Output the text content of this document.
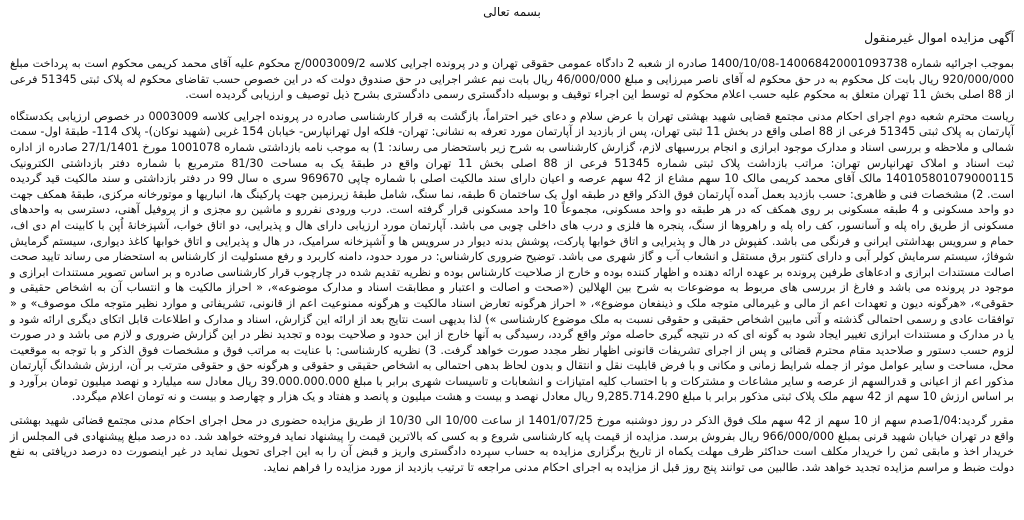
بسمه تعالی
آگهی مزایده اموال غیرمنقول

بموجب اجرائیه شماره 140068420001093738-1400/10/08 صادره از شعبه 2 دادگاه عمومی حقوقی تهران و در پرونده اجرایی کلاسه 0003009/2/ج محکوم علیه آقای محمد کریمی محکوم است به پرداخت مبلغ 920/000/000 ریال بابت کل محکوم به در حق محکوم له آقای ناصر میرزایی و مبلغ 46/000/000 ریال بابت نیم عشر اجرایی در حق صندوق دولت که در این خصوص حسب تقاضای محکوم له پلاک ثبتی 51345 فرعی از 88 اصلی بخش 11 تهران متعلق به محکوم علیه حسب اعلام محکوم له توسط این اجراء توقیف و بوسیله دادگستری رسمی دادگستری بشرح ذیل توصیف و ارزیابی گردیده است.

ریاست محترم شعبه دوم اجرای احکام مدنی مجتمع قضایی شهید بهشتی تهران با عرض سلام و دعای خیر احتراماً، بازگشت به قرار کارشناسی صادره در پرونده اجرایی کلاسه 0003009 در خصوص ارزیابی یکدستگاه آپارتمان به پلاک ثبتی 51345 فرعی از 88 اصلی واقع در بخش 11 ثبتی تهران، پس از بازدید از آپارتمان مورد تعرفه به نشانی: تهران- فلکه اول تهرانپارس- خیابان 154 غربی (شهید نوکان)- پلاک 114- طبقهٔ اول- سمت شمالی و ملاحظه و بررسی اسناد و مدارک موجود ابرازی و انجام بررسیهای لازم، گزارش کارشناسی به شرح زیر باستحضار می رساند: 1) به موجب نامه بازداشتی شماره 1001078 مورخ 27/1/1401 صادره از اداره ثبت اسناد و املاک تهرانپارس تهران: مراتب بازداشت پلاک ثبتی شماره 51345 فرعی از 88 اصلی بخش 11 تهران واقع در طبقهٔ یک به مساحت 81/30 مترمربع با شماره دفتر بازداشتی الکترونیک 140105801079000115 مالک آقای محمد کریمی مالک 10 سهم مشاع از 42 سهم عرصه و اعیان دارای سند مالکیت اصلی با شماره چاپی 969670 سری ه سال 99 در دفتر بازداشتی و سند مالکیت قید گردیده است. 2) مشخصات فنی و ظاهری: حسب بازدید بعمل آمده آپارتمان فوق الذکر واقع در طبقه اول یک ساختمان 6 طبقه، نما سنگ، شامل طبقهٔ زیرزمین جهت پارکینگ ها، انباریها و موتورخانه مرکزی، طبقهٔ همکف جهت دو واحد مسکونی و 4 طبقه مسکونی بر روی همکف که در هر طبقه دو واحد مسکونی، مجموعاً 10 واحد مسکونی قرار گرفته است. درب ورودی نفررو و ماشین رو مجزی و از پروفیل آهنی، دسترسی به واحدهای مسکونی از طریق راه پله و آسانسور، کف راه پله و راهروها از سنگ، پنجره ها فلزی و درب های داخلی چوبی می باشد. آپارتمان مورد ارزیابی دارای هال و پذیرایی، دو اتاق خواب، آشپزخانهٔ اُپن با کابینت ام دی اف، حمام و سرویس بهداشتی ایرانی و فرنگی می باشد. کفپوش در هال و پذیرایی و اتاق خوابها پارکت، پوشش بدنه دیوار در سرویس ها و آشپزخانه سرامیک، در هال و پذیرایی و اتاق خوابها کاغذ دیواری، سیستم گرمایش شوفاژ، سیستم سرمایش کولر آبی و دارای کنتور برق مستقل و انشعاب آب و گاز شهری می باشد. توضیح ضروری کارشناس: در مورد حدود، دامنه کاربرد و رفع مسئولیت از کارشناس به استحضار می رساند تایید صحت اصالت مستندات ابرازی و ادعاهای طرفین پرونده بر عهده ارائه دهنده و اظهار کننده بوده و خارج از صلاحیت کارشناس بوده و نظریه تقدیم شده در چارچوب قرار کارشناسی صادره و بر اساس تصویر مستندات ابرازی و موجود در پرونده می باشد و فارغ از بررسی های مربوط به موضوعات به شرح بین الهلالین («صحت و اصالت و اعتبار و مطابقت اسناد و مدارک موضوعه»، « احراز مالکیت ها و انتساب آن به اشخاص حقیقی و حقوقی»، «هرگونه دیون و تعهدات اعم از مالی و غیرمالی متوجه ملک و ذینفعان موضوع»، « احراز هرگونه تعارض اسناد مالکیت و هرگونه ممنوعیت اعم از قانونی، تشریفاتی و موارد نظیر متوجه ملک موصوف» و « توافقات عادی و رسمی احتمالی گذشته و آتی مابین اشخاص حقیقی و حقوقی نسبت به ملک موضوع کارشناسی ») لذا بدیهی است نتایج بعد از ارائه این گزارش، اسناد و مدارک و اطلاعات قابل اتکای دیگری ارائه شود و یا در مدارک و مستندات ابرازی تغییر ایجاد شود به گونه ای که در نتیجه گیری حاصله موثر واقع گردد، رسیدگی به آنها خارج از این حدود و صلاحیت بوده و تجدید نظر در این گزارش ضروری و لازم می باشد و در صورت لزوم حسب دستور و صلاحدید مقام محترم قضائی و پس از اجرای تشریفات قانونی اظهار نظر مجدد صورت خواهد گرفت. 3) نظریه کارشناسی: با عنایت به مراتب فوق و مشخصات فوق الذکر و با توجه به موقعیت محل، مساحت و سایر عوامل موثر از جمله شرایط زمانی و مکانی و با فرض قابلیت نقل و انتقال و بدون لحاظ بدهی احتمالی به اشخاص حقیقی و حقوقی و هرگونه حق و حقوقی مترتب بر آن، ارزش ششدانگ آپارتمان مذکور اعم از اعیانی و قدرالسهم از عرصه و سایر مشاعات و مشترکات و با احتساب کلیه امتیازات و انشعابات و تاسیسات شهری برابر با مبلغ 39.000.000.000 ریال معادل سه میلیارد و نهصد میلیون تومان برآورد و بر اساس ارزش 10 سهم از 42 سهم ملک پلاک ثبتی مذکور برابر با مبلغ 9,285.714.290 ریال معادل نهصد و بیست و هشت میلیون و پانصد و هفتاد و یک هزار و چهارصد و بیست و نه تومان اعلام میگردد.

مقرر گردید:1/04صدم سهم از 10 سهم از 42 سهم ملک فوق الذکر در روز دوشنبه مورخ 1401/07/25 از ساعت 10/00 الی 10/30 از طریق مزایده حضوری در محل اجرای احکام مدنی مجتمع قضائی شهید بهشتی واقع در تهران خیابان شهید قرنی بمبلغ 966/000/000 ریال بفروش برسد. مزایده از قیمت پایه کارشناسی شروع و به کسی که بالاترین قیمت را پیشنهاد نماید فروخته خواهد شد. ده درصد مبلغ پیشنهادی فی المجلس از خریدار اخذ و مابقی ثمن را خریدار مکلف است حداکثر ظرف مهلت یکماه از تاریخ برگزاری مزایده به حساب سپرده دادگستری واریز و قبض آن را به این اجرای تحویل نماید در غیر اینصورت ده درصد دریافتی به نفع دولت ضبط و مراسم مزایده تجدید خواهد شد. طالبین می توانند پنج روز قبل از مزایده به اجرای احکام مدنی مراجعه تا ترتیب بازدید از مورد مزایده را فراهم نماید.
